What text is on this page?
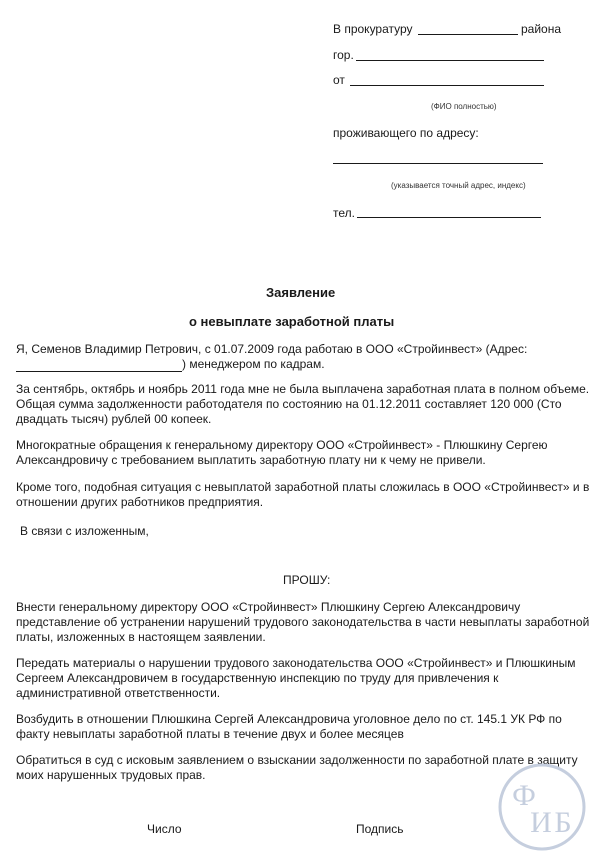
В прокуратуру	района
гор.
от
(ФИО полностью)
проживающего по адресу:
(указывается точный адрес, индекс)
тел.
Заявление
о невыплате заработной платы
Я, Семенов Владимир Петрович, с 01.07.2009 года работаю в ООО «Стройинвест» (Адрес:
) менеджером по кадрам.
За сентябрь, октябрь и ноябрь 2011 года мне не была выплачена заработная плата в полном объеме.
Общая сумма задолженности работодателя по состоянию на 01.12.2011 составляет 120 000 (Сто
двадцать тысяч) рублей 00 копеек.
Многократные обращения к генеральному директору ООО «Стройинвест» - Плюшкину Сергею
Александровичу с требованием выплатить заработную плату ни к чему не привели.
Кроме того, подобная ситуация с невыплатой заработной платы сложилась в ООО «Стройинвест» и в
отношении других работников предприятия.
В связи с изложенным,
ПРОШУ:
Внести генеральному директору ООО «Стройинвест» Плюшкину Сергею Александровичу
представление об устранении нарушений трудового законодательства в части невыплаты заработной
платы, изложенных в настоящем заявлении.
Передать материалы о нарушении трудового законодательства ООО «Стройинвест» и Плюшкиным
Сергеем Александровичем в государственную инспекцию по труду для привлечения к
административной ответственности.
Возбудить в отношении Плюшкина Сергей Александровича уголовное дело по ст. 145.1 УК РФ по
факту невыплаты заработной платы в течение двух и более месяцев
Обратиться в суд с исковым заявлением о взыскании задолженности по заработной плате в защиту
моих нарушенных трудовых прав.
Число	Подпись
Ф
И Б
